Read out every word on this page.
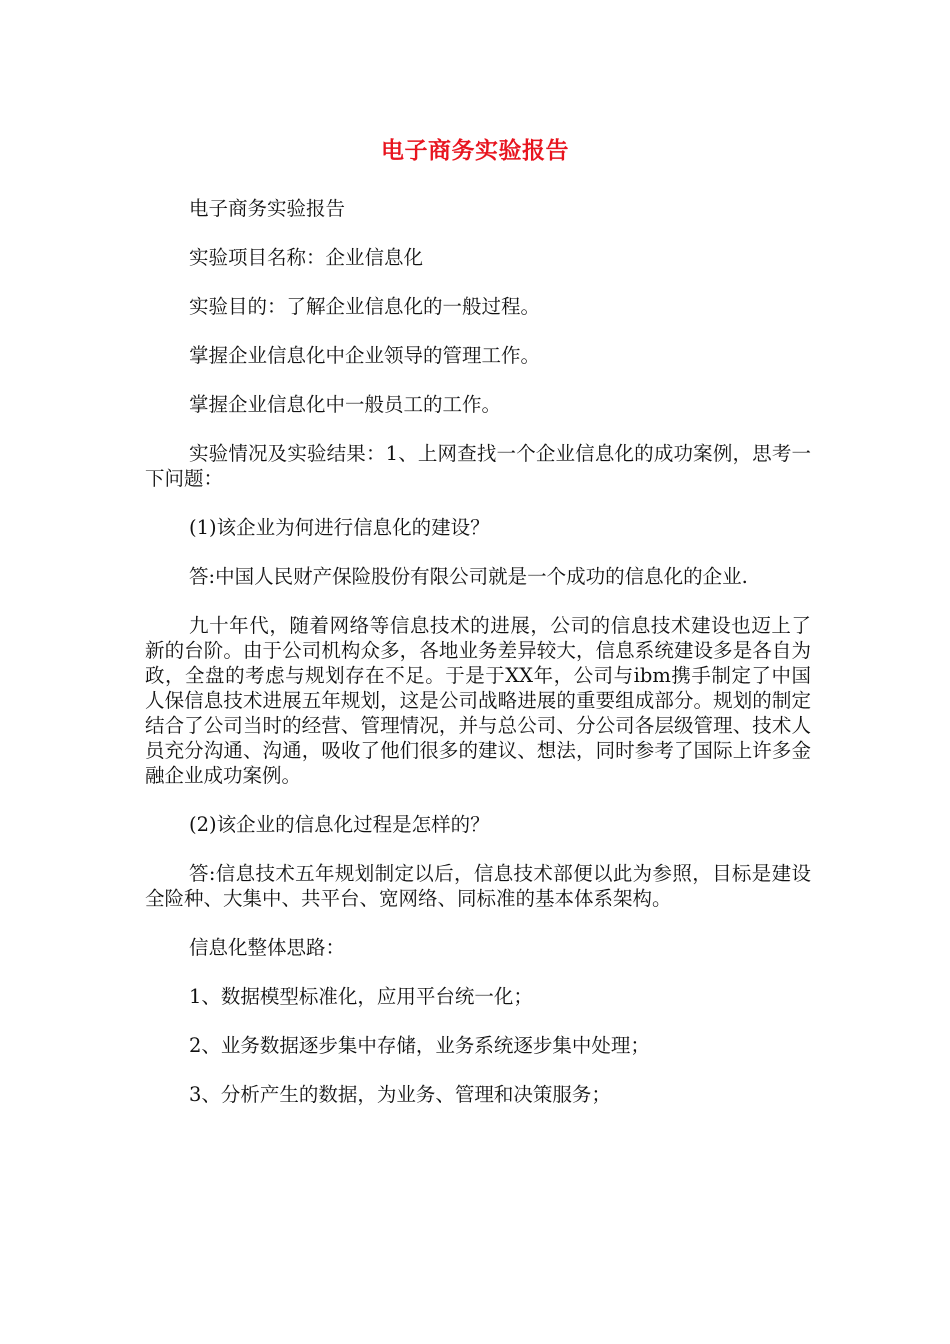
电子商务实验报告

电子商务实验报告

实验项目名称：企业信息化

实验目的：了解企业信息化的一般过程。

掌握企业信息化中企业领导的管理工作。

掌握企业信息化中一般员工的工作。

实验情况及实验结果：1、上网查找一个企业信息化的成功案例，思考一下问题：

(1)该企业为何进行信息化的建设？

答:中国人民财产保险股份有限公司就是一个成功的信息化的企业.

九十年代，随着网络等信息技术的进展，公司的信息技术建设也迈上了新的台阶。由于公司机构众多，各地业务差异较大，信息系统建设多是各自为政，全盘的考虑与规划存在不足。于是于XX年，公司与ibm携手制定了中国人保信息技术进展五年规划，这是公司战略进展的重要组成部分。规划的制定结合了公司当时的经营、管理情况，并与总公司、分公司各层级管理、技术人员充分沟通、沟通，吸收了他们很多的建议、想法，同时参考了国际上许多金融企业成功案例。

(2)该企业的信息化过程是怎样的？

答:信息技术五年规划制定以后，信息技术部便以此为参照，目标是建设全险种、大集中、共平台、宽网络、同标准的基本体系架构。

信息化整体思路：

1、数据模型标准化，应用平台统一化；

2、业务数据逐步集中存储，业务系统逐步集中处理；

3、分析产生的数据，为业务、管理和决策服务；
